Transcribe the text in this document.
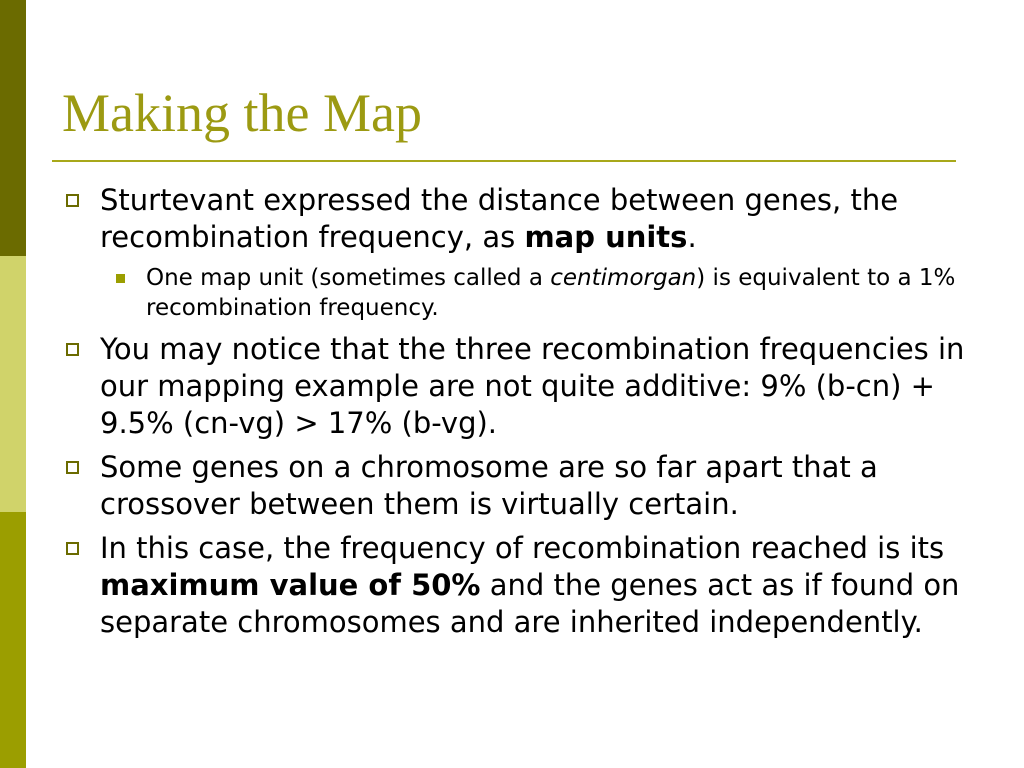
Making the Map
Sturtevant expressed the distance between genes, the recombination frequency, as map units.
One map unit (sometimes called a centimorgan) is equivalent to a 1% recombination frequency.
You may notice that the three recombination frequencies in our mapping example are not quite additive: 9% (b-cn) + 9.5% (cn-vg) > 17% (b-vg).
Some genes on a chromosome are so far apart that a crossover between them is virtually certain.
In this case, the frequency of recombination reached is its maximum value of 50% and the genes act as if found on separate chromosomes and are inherited independently.
